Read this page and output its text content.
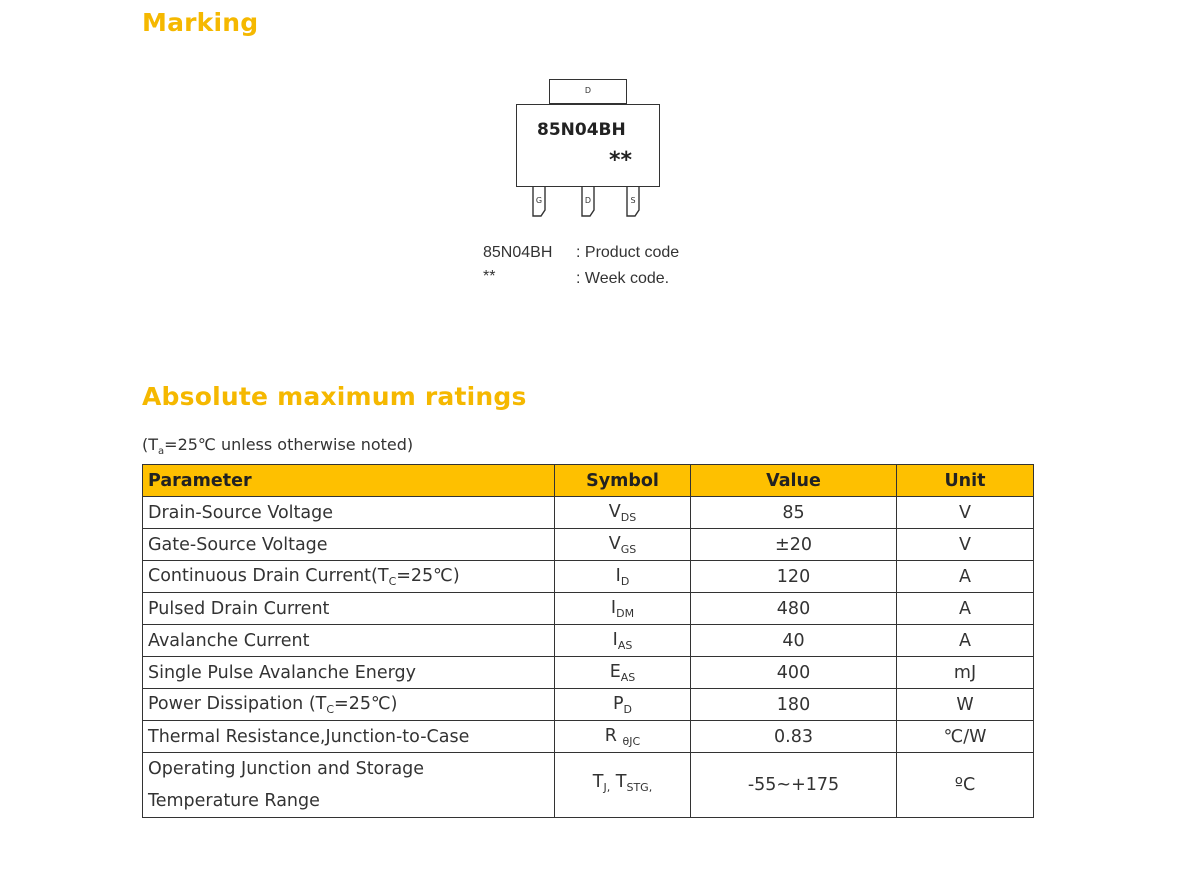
Marking
D
85N04BH
**
G	D	S
85N04BH : Product code
**	: Week code.
Absolute maximum ratings
($T_a=25℃$ unless otherwise noted)
Parameter	Symbol	Value	Unit
Drain-Source Voltage	$V_{DS}$	85	V
Gate-Source Voltage	$V_{GS}$	±20	V
Continuous Drain $Current(T_C=25℃)$	$I_D$	120	A
Pulsed Drain Current	$I_{DM}$	480	A
Avalanche Current	$I_{AS}$	40	A
Single Pulse Avalanche Energy	$E_{AS}$	400	mJ
Power Dissipation $(T_C=25℃)$	$P_D$	180	W
Thermal Resistance,Junction-to-Case	R $_{\theta JC}$	0.83	℃/W
Operating Junction and Storage
Temperature Range	$T_{J,}$ $T_{STG,}$	-55~+175	ºC
